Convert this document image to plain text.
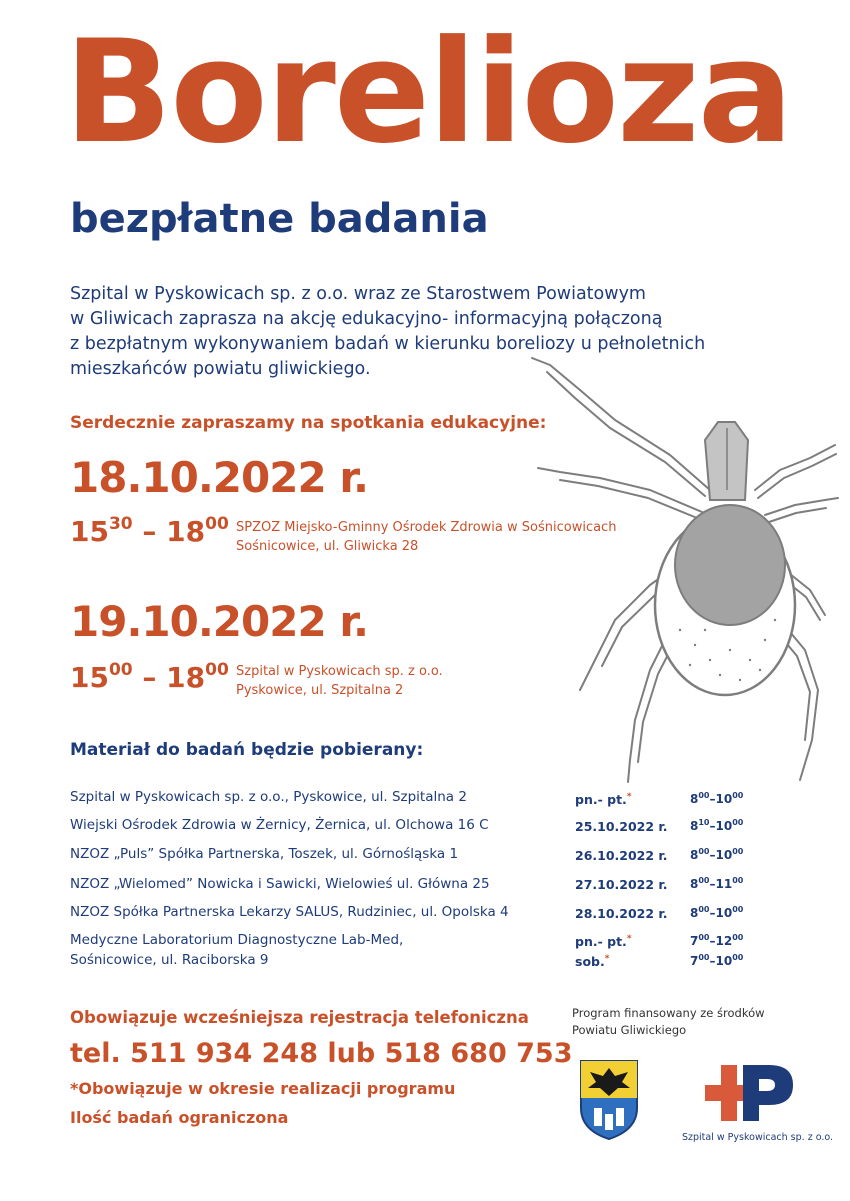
Borelioza
bezpłatne badania
Szpital w Pyskowicach sp. z o.o. wraz ze Starostwem Powiatowym
w Gliwicach zaprasza na akcję edukacyjno- informacyjną połączoną
z bezpłatnym wykonywaniem badań w kierunku boreliozy u pełnoletnich
mieszkańców powiatu gliwickiego.
Serdecznie zapraszamy na spotkania edukacyjne:
18.10.2022 r.
$15^{30} - 18^{00}$ SPZOZ Miejsko-Gminny Ośrodek Zdrowia w Sośnicowicach
Sośnicowice, ul. Gliwicka 28
19.10.2022 r.
$15^{00} - 18^{00}$ Szpital w Pyskowicach sp. z o.o.
Pyskowice, ul. Szpitalna 2
Materiał do badań będzie pobierany:
Szpital w Pyskowicach sp. z o.o., Pyskowice, ul. Szpitalna 2	pn.- pt.*	$8^{00}-10^{00}$
Wiejski Ośrodek Zdrowia w Żernicy, Żernica, ul. Olchowa 16 C	25.10.2022 r. $8^{10}-10^{00}$
NZOZ „Puls” Spółka Partnerska, Toszek, ul. Górnośląska 1	26.10.2022 r. $8^{00}-10^{00}$
NZOZ „Wielomed” Nowicka i Sawicki, Wielowieś ul. Główna 25	27.10.2022 r. $8^{00}-11^{00}$
NZOZ Spółka Partnerska Lekarzy SALUS, Rudziniec, ul. Opolska 4	28.10.2022 r. $8^{00}-10^{00}$
Medyczne Laboratorium Diagnostyczne Lab-Med,
Sośnicowice, ul. Raciborska 9
pn.- pt.*	$7^{00}-12^{00}$
sob.*	$7^{00}-10^{00}$
Obowiązuje wcześniejsza rejestracja telefoniczna
tel. 511 934 248 lub 518 680 753
*Obowiązuje w okresie realizacji programu
Ilość badań ograniczona
Program finansowany ze środków
Powiatu Gliwickiego
Szpital w Pyskowicach sp. z o.o.
